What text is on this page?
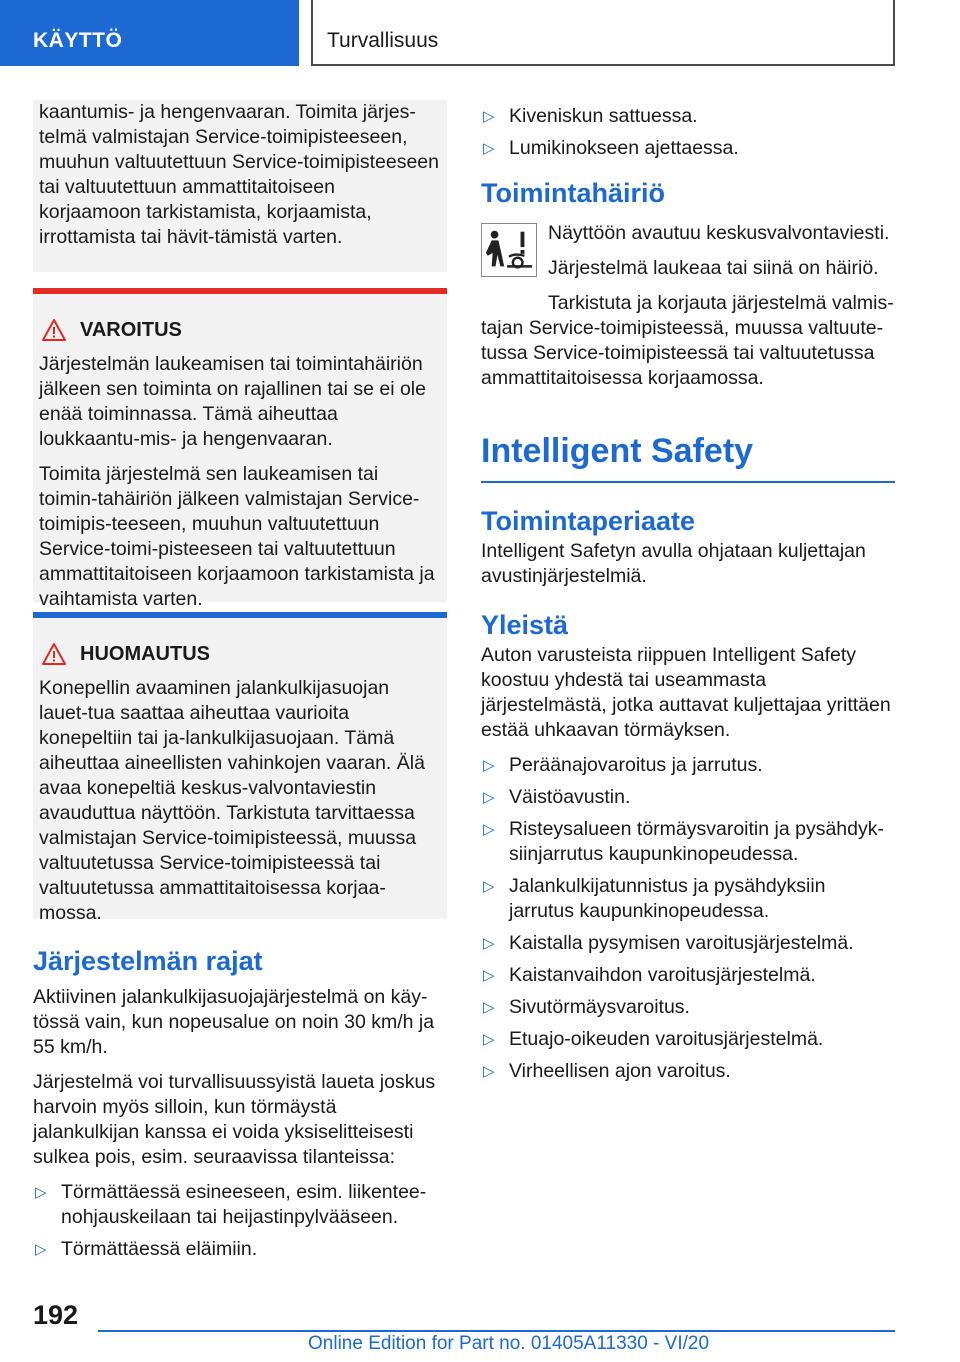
KÄYTTÖ	Turvallisuus

kaantumis- ja hengenvaaran. Toimita järjes-telmä valmistajan Service-toimipisteeseen, muuhun valtuutettuun Service-toimipisteeseen tai valtuutettuun ammattitaitoiseen korjaamoon tarkistamista, korjaamista, irrottamista tai hävit-tämistä varten.

VAROITUS

Järjestelmän laukeamisen tai toimintahäiriön jälkeen sen toiminta on rajallinen tai se ei ole enää toiminnassa. Tämä aiheuttaa loukkaantu-mis- ja hengenvaaran.

Toimita järjestelmä sen laukeamisen tai toimin-tahäiriön jälkeen valmistajan Service-toimipis-teeseen, muuhun valtuutettuun Service-toimi-pisteeseen tai valtuutettuun ammattitaitoiseen korjaamoon tarkistamista ja vaihtamista varten.

HUOMAUTUS

Konepellin avaaminen jalankulkijasuojan lauet-tua saattaa aiheuttaa vaurioita konepeltiin tai ja-lankulkijasuojaan. Tämä aiheuttaa aineellisten vahinkojen vaaran. Älä avaa konepeltiä keskus-valvontaviestin avauduttua näyttöön. Tarkistuta tarvittaessa valmistajan Service-toimipisteessä, muussa valtuutetussa Service-toimipisteessä tai valtuutetussa ammattitaitoisessa korjaa-mossa.

Järjestelmän rajat

Aktiivinen jalankulkijasuojajärjestelmä on käy-tössä vain, kun nopeusalue on noin 30 km/h ja 55 km/h.

Järjestelmä voi turvallisuussyistä laueta joskus harvoin myös silloin, kun törmäystä jalankulkijan kanssa ei voida yksiselitteisesti sulkea pois, esim. seuraavissa tilanteissa:

▷ Törmättäessä esineeseen, esim. liikentee-nohjauskeilaan tai heijastinpylvääseen.
▷ Törmättäessä eläimiin.
▷ Kiveniskun sattuessa.
▷ Lumikinokseen ajettaessa.
Toimintahäiriö

Näyttöön avautuu keskusvalvontaviesti.

Järjestelmä laukeaa tai siinä on häiriö.

Tarkistuta ja korjauta järjestelmä valmis-tajan Service-toimipisteessä, muussa valtuute-tussa Service-toimipisteessä tai valtuutetussa ammattitaitoisessa korjaamossa.

Intelligent Safety
Toimintaperiaate

Intelligent Safetyn avulla ohjataan kuljettajan avustinjärjestelmiä.

Yleistä

Auton varusteista riippuen Intelligent Safety koostuu yhdestä tai useammasta järjestelmästä, jotka auttavat kuljettajaa yrittäen estää uhkaavan törmäyksen.

▷ Peräänajovaroitus ja jarrutus.
▷ Väistöavustin.
▷ Risteysalueen törmäysvaroitin ja pysähdyk-siinjarrutus kaupunkinopeudessa.
▷ Jalankulkijatunnistus ja pysähdyksiin jarrutus kaupunkinopeudessa.
▷ Kaistalla pysymisen varoitusjärjestelmä.
▷ Kaistanvaihdon varoitusjärjestelmä.
▷ Sivutörmäysvaroitus.
▷ Etuajo-oikeuden varoitusjärjestelmä.
▷ Virheellisen ajon varoitus.
192
Online Edition for Part no. 01405A11330 - VI/20
